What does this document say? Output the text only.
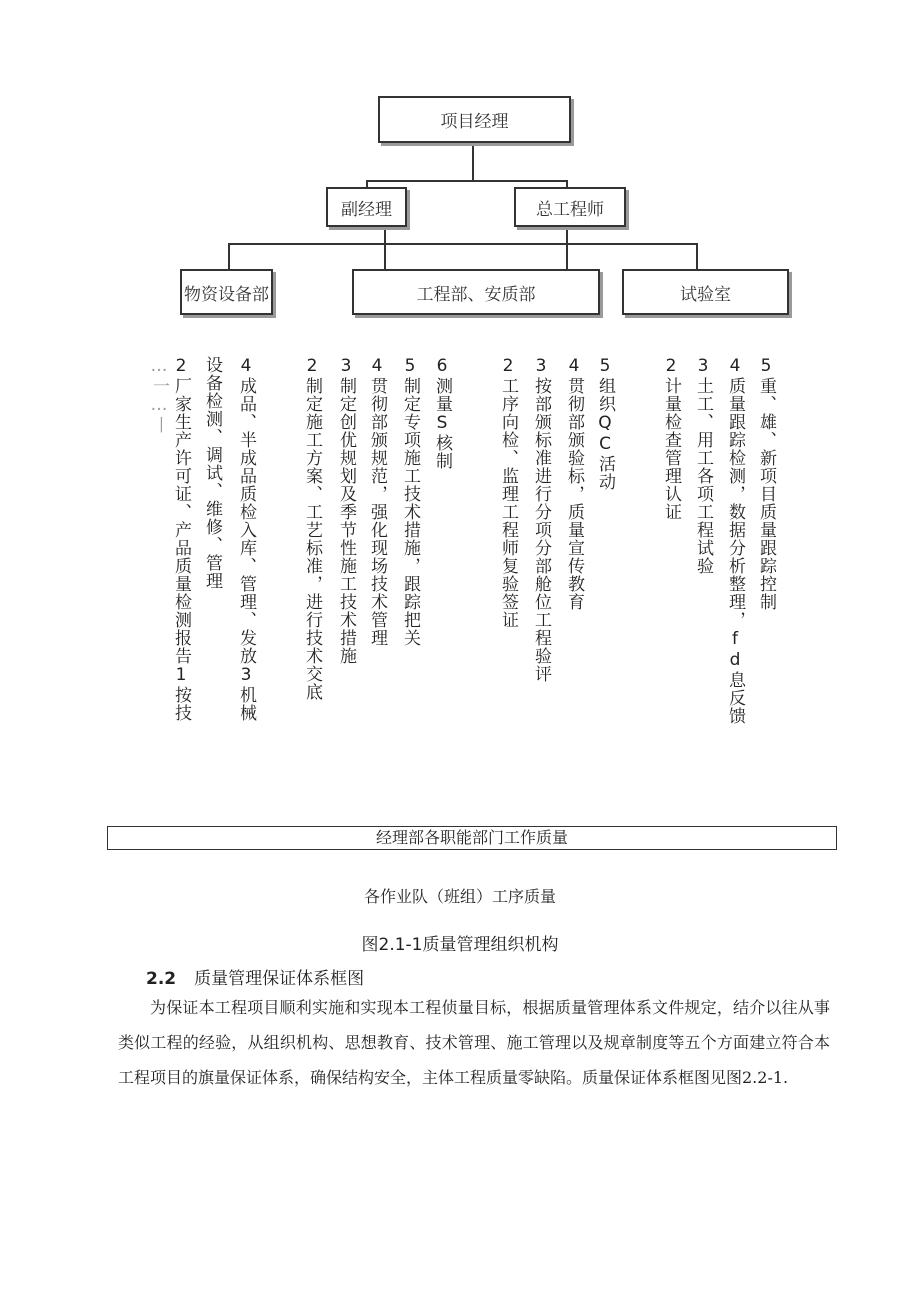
项目经理
副经理	总工程师
物资设备部	工程部、安质部	试验室
…一…丨 2厂家生产许可证、产品质量检测报告1按技 设备检测、调试、维修、管理 4成品、半成品质检入库、管理、发放3机械	2制定施工方案、工艺标准，进行技术交底 3制定创优规划及季节性施工技术措施 4贯彻部颁规范，强化现场技术管理 5制定专项施工技术措施，跟踪把关 6测量S核制	2工序向检、监理工程师复验签证 3按部颁标准进行分项分部舱位工程验评 4贯彻部颁验标，质量宣传教育 5组织QC活动	2计量检查管理认证 3土工、用工各项工程试验 4质量跟踪检测，数据分析整理，fd息反馈 5重、雄、新项目质量跟踪控制
经理部各职能部门工作质量
各作业队（班组）工序质量
图2.1-1质量管理组织机构
2.2 质量管理保证体系框图
为保证本工程项目顺利实施和实现本工程侦量目标，根据质量管理体系文件规定，结介以往从事类似工程的经验，从组织机构、思想教育、技术管理、施工管理以及规章制度等五个方面建立符合本工程项目的旗量保证体系，确保结构安全，主体工程质量零缺陷。质量保证体系框图见图2.2-1.
